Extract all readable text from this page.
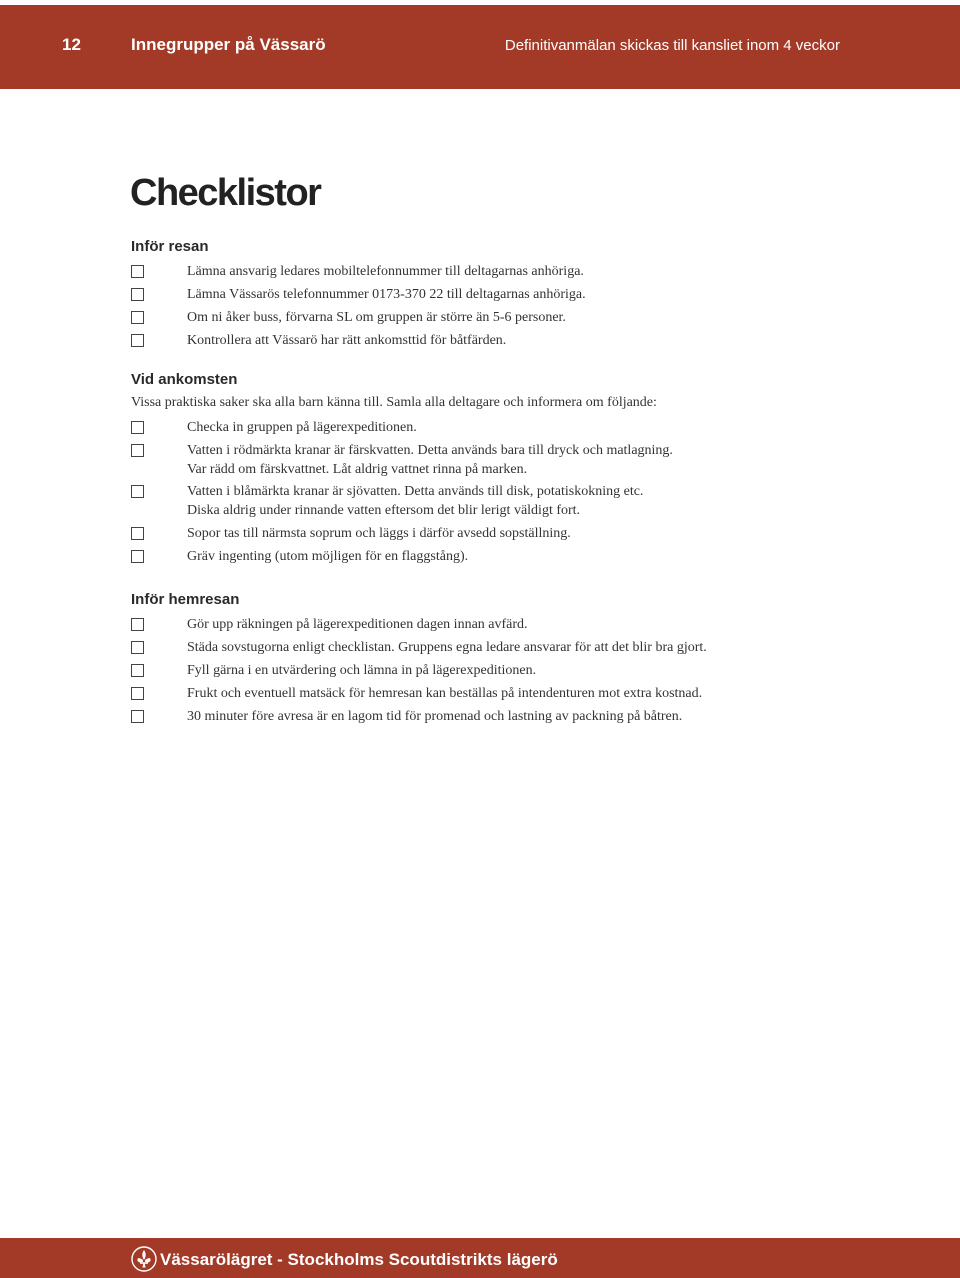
12	Innegrupper på Vässarö	Definitivanmälan skickas till kansliet inom 4 veckor
Checklistor
Inför resan
Lämna ansvarig ledares mobiltelefonnummer till deltagarnas anhöriga.
Lämna Vässarös telefonnummer 0173-370 22 till deltagarnas anhöriga.
Om ni åker buss, förvarna SL om gruppen är större än 5-6 personer.
Kontrollera att Vässarö har rätt ankomsttid för båtfärden.
Vid ankomsten

Vissa praktiska saker ska alla barn känna till. Samla alla deltagare och informera om följande:

Checka in gruppen på lägerexpeditionen.
Vatten i rödmärkta kranar är färskvatten. Detta används bara till dryck och matlagning.
Var rädd om färskvattnet. Låt aldrig vattnet rinna på marken.
Vatten i blåmärkta kranar är sjövatten. Detta används till disk, potatiskokning etc.
Diska aldrig under rinnande vatten eftersom det blir lerigt väldigt fort.
Sopor tas till närmsta soprum och läggs i därför avsedd sopställning.
Gräv ingenting (utom möjligen för en flaggstång).
Inför hemresan
Gör upp räkningen på lägerexpeditionen dagen innan avfärd.
Städa sovstugorna enligt checklistan. Gruppens egna ledare ansvarar för att det blir bra gjort.
Fyll gärna i en utvärdering och lämna in på lägerexpeditionen.
Frukt och eventuell matsäck för hemresan kan beställas på intendenturen mot extra kostnad.
30 minuter före avresa är en lagom tid för promenad och lastning av packning på båtren.
Vässarölägret - Stockholms Scoutdistrikts lägerö
